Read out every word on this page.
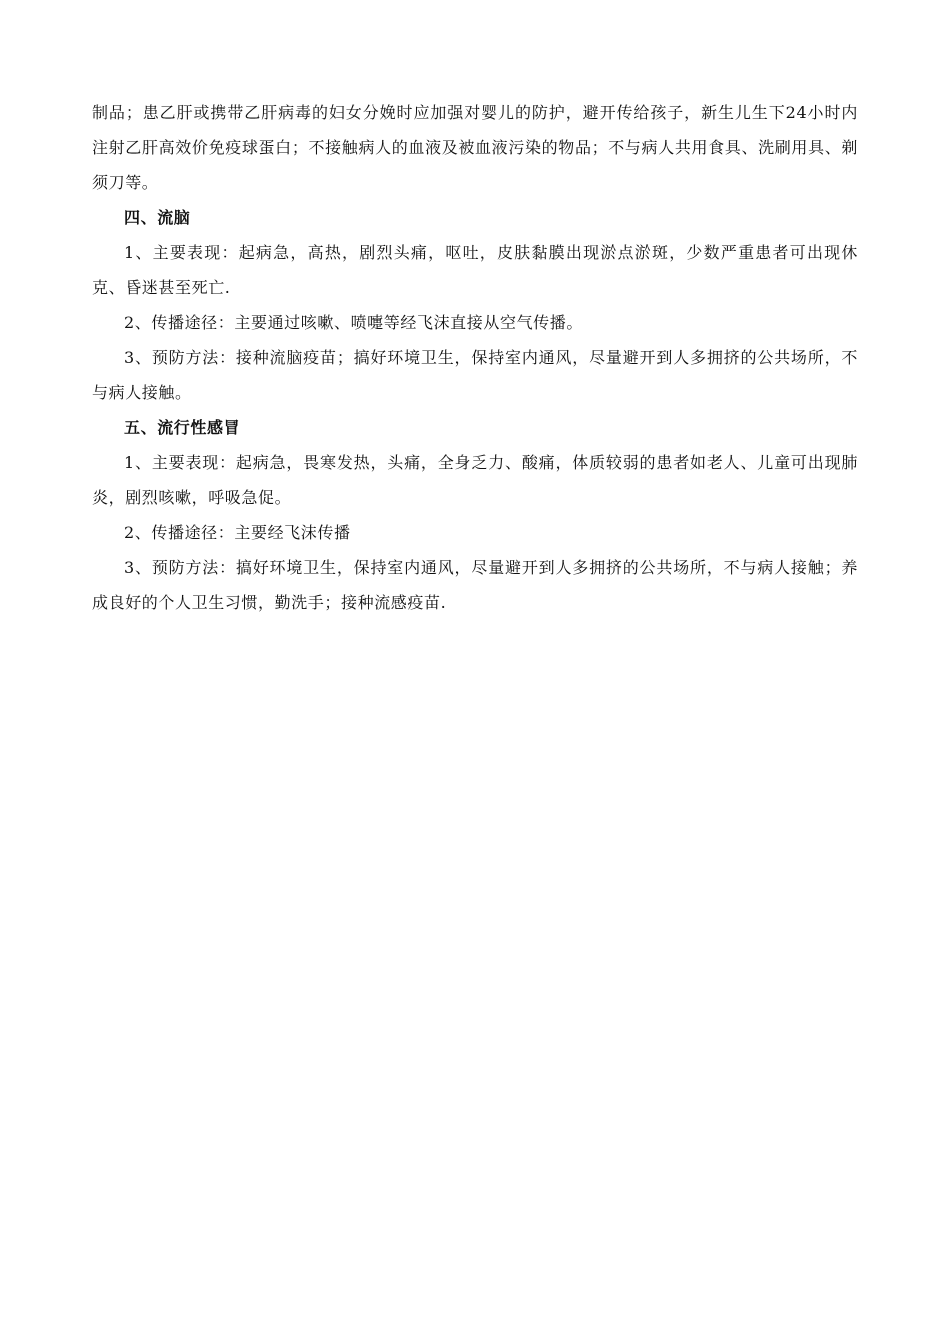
制品；患乙肝或携带乙肝病毒的妇女分娩时应加强对婴儿的防护，避开传给孩子，新生儿生下24小时内注射乙肝高效价免疫球蛋白；不接触病人的血液及被血液污染的物品；不与病人共用食具、洗刷用具、剃须刀等。

四、流脑

1、主要表现：起病急，高热，剧烈头痛，呕吐，皮肤黏膜出现淤点淤斑，少数严重患者可出现休克、昏迷甚至死亡.

2、传播途径：主要通过咳嗽、喷嚏等经飞沫直接从空气传播。

3、预防方法：接种流脑疫苗；搞好环境卫生，保持室内通风，尽量避开到人多拥挤的公共场所，不与病人接触。

五、流行性感冒

1、主要表现：起病急，畏寒发热，头痛，全身乏力、酸痛，体质较弱的患者如老人、儿童可出现肺炎，剧烈咳嗽，呼吸急促。

2、传播途径：主要经飞沫传播

3、预防方法：搞好环境卫生，保持室内通风，尽量避开到人多拥挤的公共场所，不与病人接触；养成良好的个人卫生习惯，勤洗手；接种流感疫苗.
